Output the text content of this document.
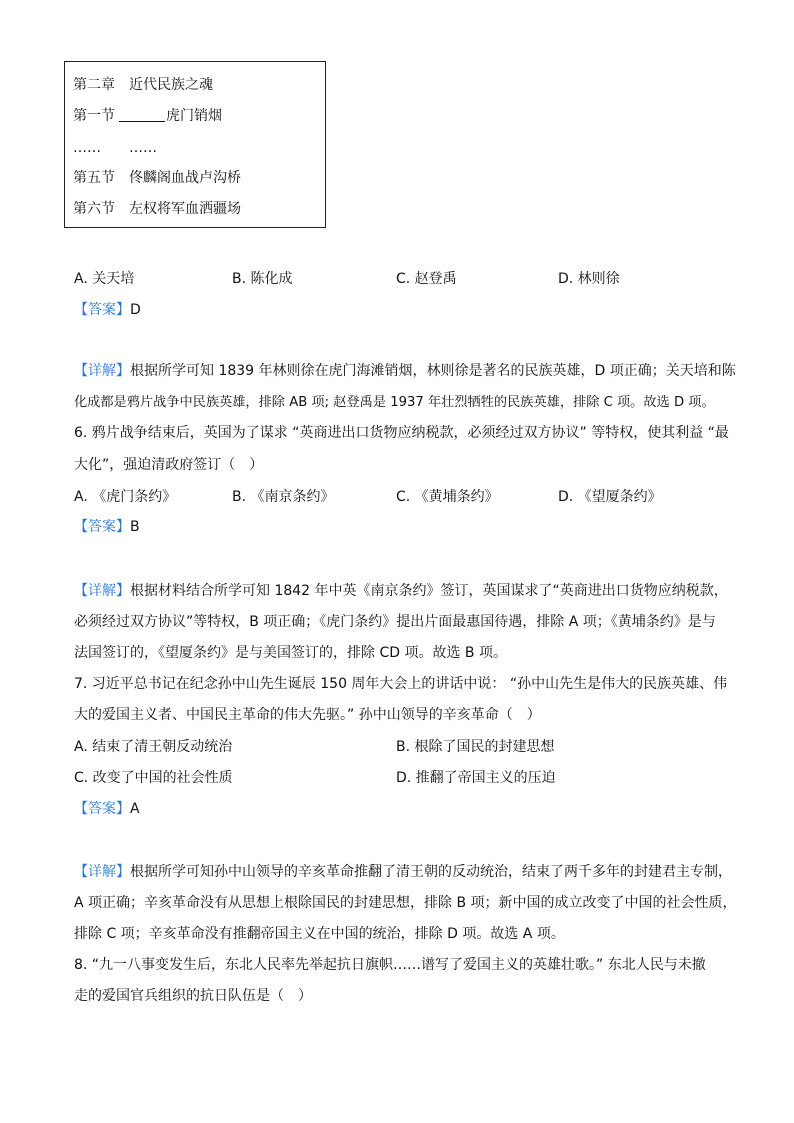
第二章　近代民族之魂
第一节	虎门销烟
……　　……
第五节　佟麟阁血战卢沟桥
第六节　左权将军血洒疆场
A. 关天培	B. 陈化成	C. 赵登禹	D. 林则徐
【答案】D
【详解】根据所学可知 1839 年林则徐在虎门海滩销烟，林则徐是著名的民族英雄，D 项正确；关天培和陈
化成都是鸦片战争中民族英雄，排除 AB 项; 赵登禹是 1937 年壮烈牺牲的民族英雄，排除 C 项。故选 D 项。
6. 鸦片战争结束后，英国为了谋求 “英商进出口货物应纳税款，必须经过双方协议” 等特权，使其利益 “最
大化”，强迫清政府签订（　）
A. 《虎门条约》	B. 《南京条约》	C. 《黄埔条约》	D. 《望厦条约》
【答案】B
【详解】根据材料结合所学可知 1842 年中英《南京条约》签订，英国谋求了“英商进出口货物应纳税款，
必须经过双方协议”等特权，B 项正确；《虎门条约》提出片面最惠国待遇，排除 A 项；《黄埔条约》是与
法国签订的，《望厦条约》是与美国签订的，排除 CD 项。故选 B 项。
7. 习近平总书记在纪念孙中山先生诞辰 150 周年大会上的讲话中说： “孙中山先生是伟大的民族英雄、伟
大的爱国主义者、中国民主革命的伟大先驱。” 孙中山领导的辛亥革命（　）
A. 结束了清王朝反动统治	B. 根除了国民的封建思想
C. 改变了中国的社会性质	D. 推翻了帝国主义的压迫
【答案】A
【详解】根据所学可知孙中山领导的辛亥革命推翻了清王朝的反动统治，结束了两千多年的封建君主专制，
A 项正确；辛亥革命没有从思想上根除国民的封建思想，排除 B 项；新中国的成立改变了中国的社会性质，
排除 C 项；辛亥革命没有推翻帝国主义在中国的统治，排除 D 项。故选 A 项。
8. “九一八事变发生后，东北人民率先举起抗日旗帜……谱写了爱国主义的英雄壮歌。” 东北人民与未撤
走的爱国官兵组织的抗日队伍是（　）
